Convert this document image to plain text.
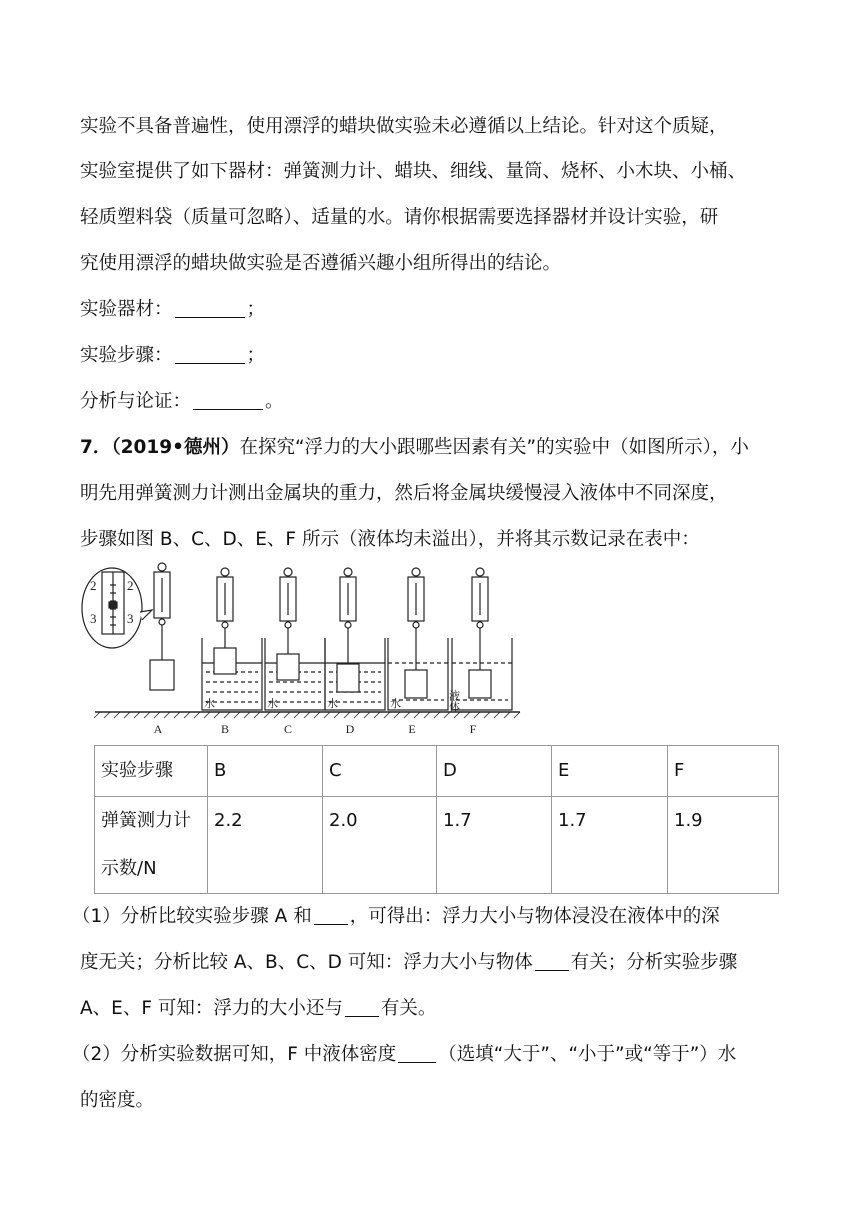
实验不具备普遍性，使用漂浮的蜡块做实验未必遵循以上结论。针对这个质疑，
实验室提供了如下器材：弹簧测力计、蜡块、细线、量筒、烧杯、小木块、小桶、
轻质塑料袋（质量可忽略）、适量的水。请你根据需要选择器材并设计实验，研
究使用漂浮的蜡块做实验是否遵循兴趣小组所得出的结论。
实验器材：	；
实验步骤：	；
分析与论证：	。
7．（2019•德州）在探究“浮力的大小跟哪些因素有关”的实验中（如图所示），小
明先用弹簧测力计测出金属块的重力，然后将金属块缓慢浸入液体中不同深度，
步骤如图 B、C、D、E、F 所示（液体均未溢出），并将其示数记录在表中：
2 2
3 3
水	水	水	水	液体
A	B	C	D	E	F
实验步骤	B	C	D	E	F
弹簧测力计
示数/N	2.2	2.0	1.7	1.7	1.9
（1）分析比较实验步骤 A 和 ，可得出：浮力大小与物体浸没在液体中的深
度无关；分析比较 A、B、C、D 可知：浮力大小与物体 有关；分析实验步骤
A、E、F 可知：浮力的大小还与 有关。
（2）分析实验数据可知，F 中液体密度 （选填“大于”、“小于”或“等于”）水
的密度。
